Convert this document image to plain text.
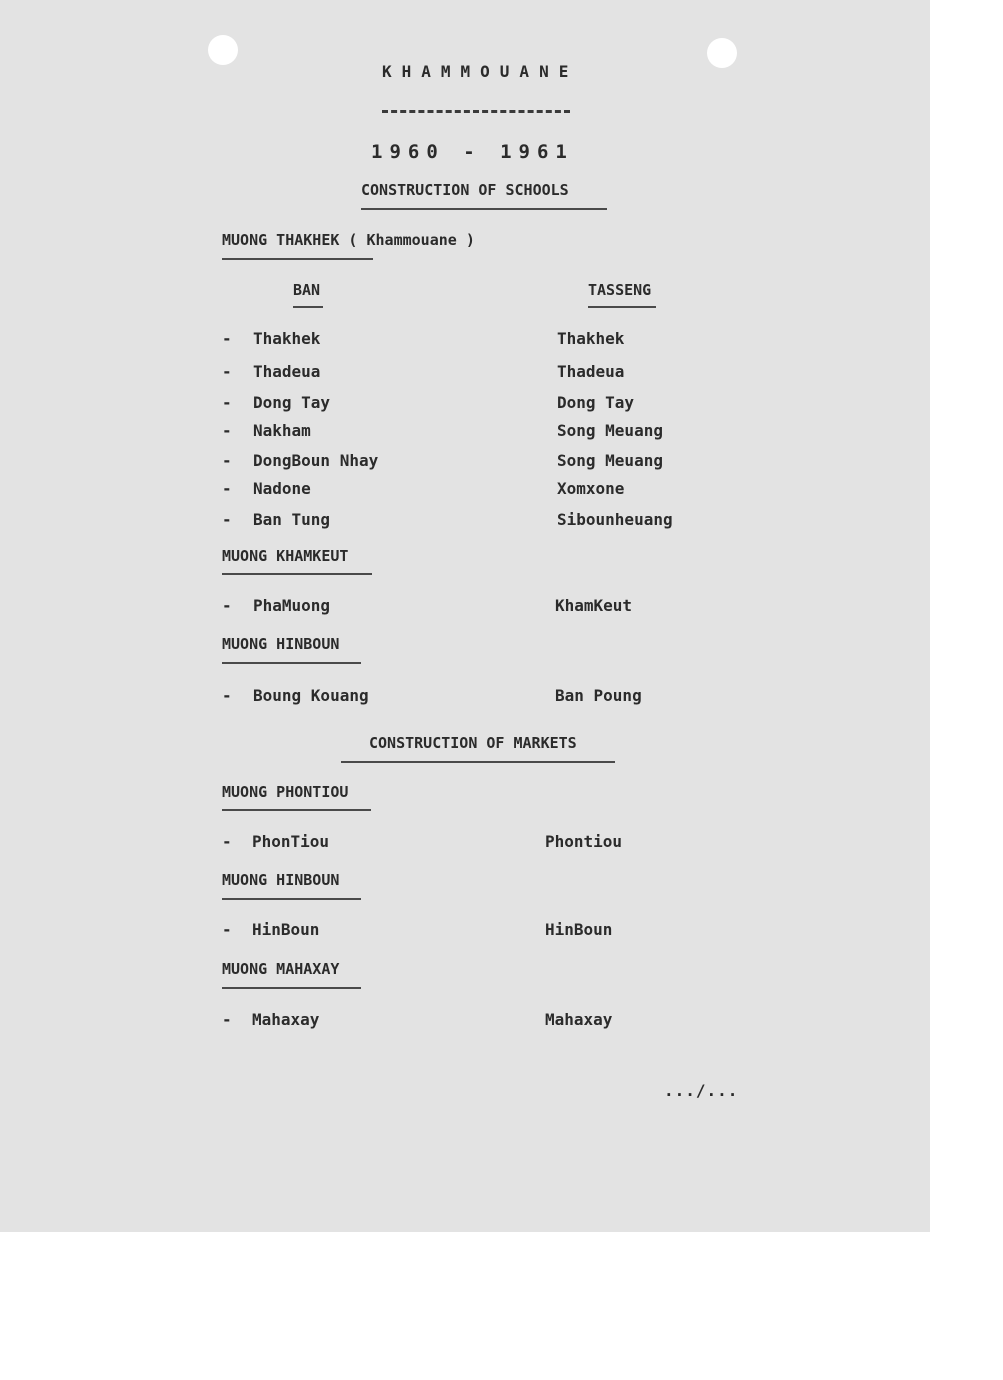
KHAMMOUANE
1960 - 1961
CONSTRUCTION OF SCHOOLS
MUONG THAKHEK ( Khammouane )
BAN	TASSENG
- Thakhek	Thakhek
- Thadeua	Thadeua
- Dong Tay	Dong Tay
- Nakham	Song Meuang
- DongBoun Nhay	Song Meuang
- Nadone	Xomxone
- Ban Tung	Sibounheuang
MUONG KHAMKEUT
- PhaMuong	KhamKeut
MUONG HINBOUN
- Boung Kouang	Ban Poung
CONSTRUCTION OF MARKETS
MUONG PHONTIOU
- PhonTiou	Phontiou
MUONG HINBOUN
- HinBoun	HinBoun
MUONG MAHAXAY
- Mahaxay	Mahaxay
.../...
